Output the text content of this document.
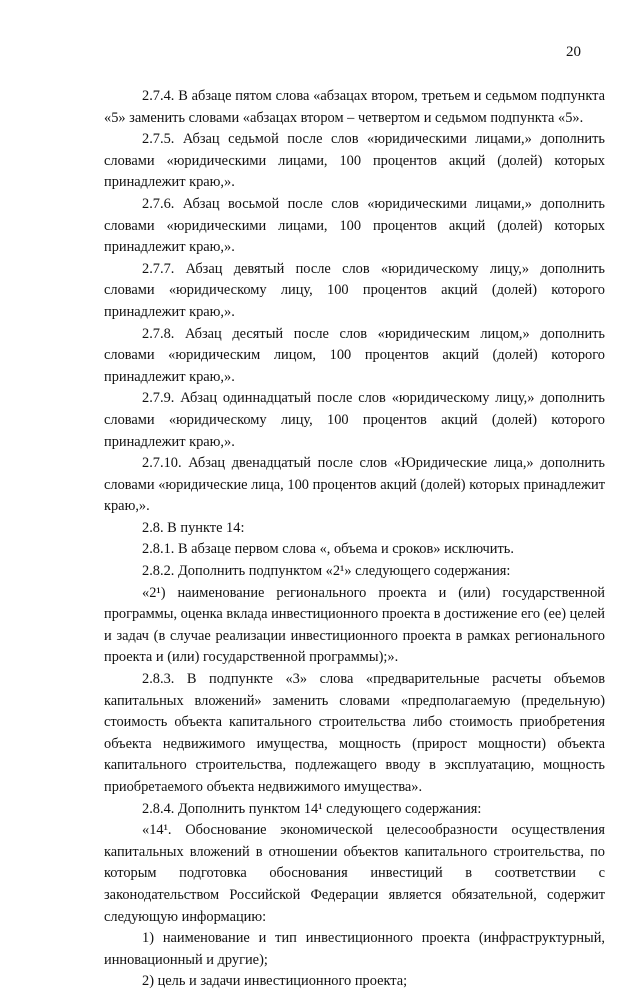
20

2.7.4. В абзаце пятом слова «абзацах втором, третьем и седьмом подпункта «5» заменить словами «абзацах втором – четвертом и седьмом подпункта «5».

2.7.5. Абзац седьмой после слов «юридическими лицами,» дополнить словами «юридическими лицами, 100 процентов акций (долей) которых принадлежит краю,».

2.7.6. Абзац восьмой после слов «юридическими лицами,» дополнить словами «юридическими лицами, 100 процентов акций (долей) которых принадлежит краю,».

2.7.7. Абзац девятый после слов «юридическому лицу,» дополнить словами «юридическому лицу, 100 процентов акций (долей) которого принадлежит краю,».

2.7.8. Абзац десятый после слов «юридическим лицом,» дополнить словами «юридическим лицом, 100 процентов акций (долей) которого принадлежит краю,».

2.7.9. Абзац одиннадцатый после слов «юридическому лицу,» дополнить словами «юридическому лицу, 100 процентов акций (долей) которого принадлежит краю,».

2.7.10. Абзац двенадцатый после слов «Юридические лица,» дополнить словами «юридические лица, 100 процентов акций (долей) которых принадлежит краю,».

2.8. В пункте 14:

2.8.1. В абзаце первом слова «, объема и сроков» исключить.

2.8.2. Дополнить подпунктом «2¹» следующего содержания:

«2¹) наименование регионального проекта и (или) государственной программы, оценка вклада инвестиционного проекта в достижение его (ее) целей и задач (в случае реализации инвестиционного проекта в рамках регионального проекта и (или) государственной программы);».

2.8.3. В подпункте «3» слова «предварительные расчеты объемов капитальных вложений» заменить словами «предполагаемую (предельную) стоимость объекта капитального строительства либо стоимость приобретения объекта недвижимого имущества, мощность (прирост мощности) объекта капитального строительства, подлежащего вводу в эксплуатацию, мощность приобретаемого объекта недвижимого имущества».

2.8.4. Дополнить пунктом 14¹ следующего содержания:

«14¹. Обоснование экономической целесообразности осуществления капитальных вложений в отношении объектов капитального строительства, по которым подготовка обоснования инвестиций в соответствии с законодательством Российской Федерации является обязательной, содержит следующую информацию:

1) наименование и тип инвестиционного проекта (инфраструктурный, инновационный и другие);

2) цель и задачи инвестиционного проекта;
